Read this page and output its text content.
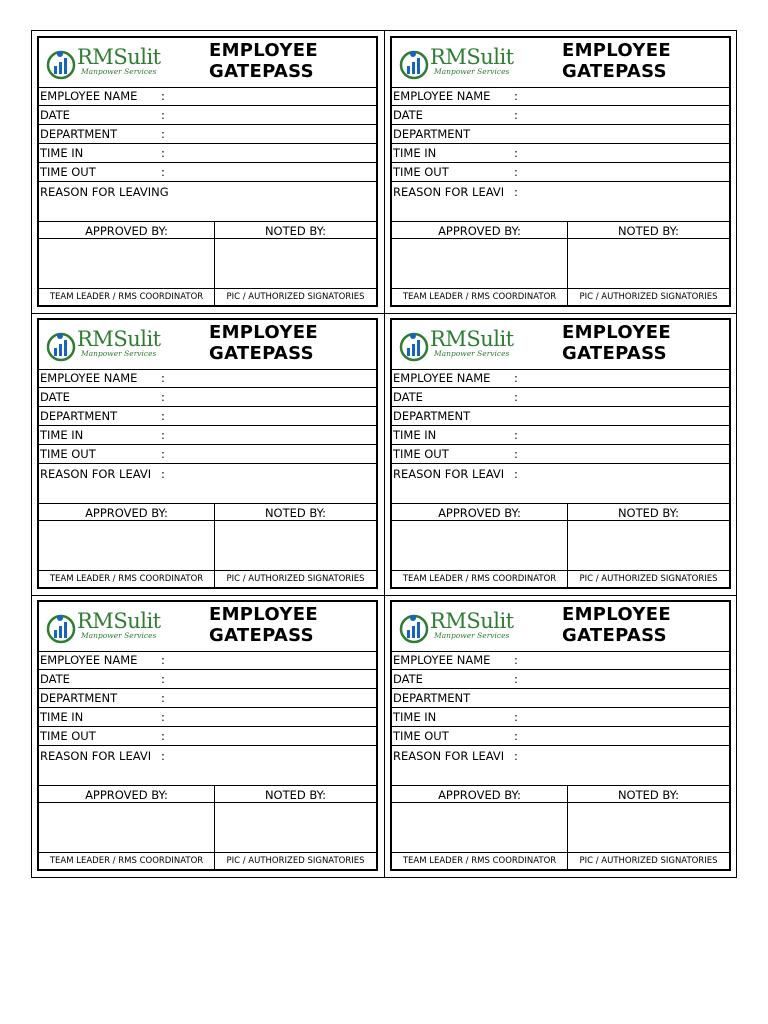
RMSulit
Manpower Services
EMPLOYEE
GATEPASS
EMPLOYEE NAME :
DATE	:
DEPARTMENT	:
TIME IN	:
TIME OUT	:
REASON FOR LEAVING
APPROVED BY:	NOTED BY:
TEAM LEADER / RMS COORDINATOR	PIC / AUTHORIZED SIGNATORIES
RMSulit
Manpower Services
EMPLOYEE
GATEPASS
EMPLOYEE NAME :
DATE	:
DEPARTMENT
TIME IN	:
TIME OUT	:
REASON FOR LEAVI :
APPROVED BY:	NOTED BY:
TEAM LEADER / RMS COORDINATOR	PIC / AUTHORIZED SIGNATORIES
RMSulit
Manpower Services
EMPLOYEE
GATEPASS
EMPLOYEE NAME :
DATE	:
DEPARTMENT	:
TIME IN	:
TIME OUT	:
REASON FOR LEAVI :
APPROVED BY:	NOTED BY:
TEAM LEADER / RMS COORDINATOR	PIC / AUTHORIZED SIGNATORIES
RMSulit
Manpower Services
EMPLOYEE
GATEPASS
EMPLOYEE NAME :
DATE	:
DEPARTMENT
TIME IN	:
TIME OUT	:
REASON FOR LEAVI :
APPROVED BY:	NOTED BY:
TEAM LEADER / RMS COORDINATOR	PIC / AUTHORIZED SIGNATORIES
RMSulit
Manpower Services
EMPLOYEE
GATEPASS
EMPLOYEE NAME :
DATE	:
DEPARTMENT	:
TIME IN	:
TIME OUT	:
REASON FOR LEAVI :
APPROVED BY:	NOTED BY:
TEAM LEADER / RMS COORDINATOR	PIC / AUTHORIZED SIGNATORIES
RMSulit
Manpower Services
EMPLOYEE
GATEPASS
EMPLOYEE NAME :
DATE	:
DEPARTMENT
TIME IN	:
TIME OUT	:
REASON FOR LEAVI :
APPROVED BY:	NOTED BY:
TEAM LEADER / RMS COORDINATOR	PIC / AUTHORIZED SIGNATORIES
